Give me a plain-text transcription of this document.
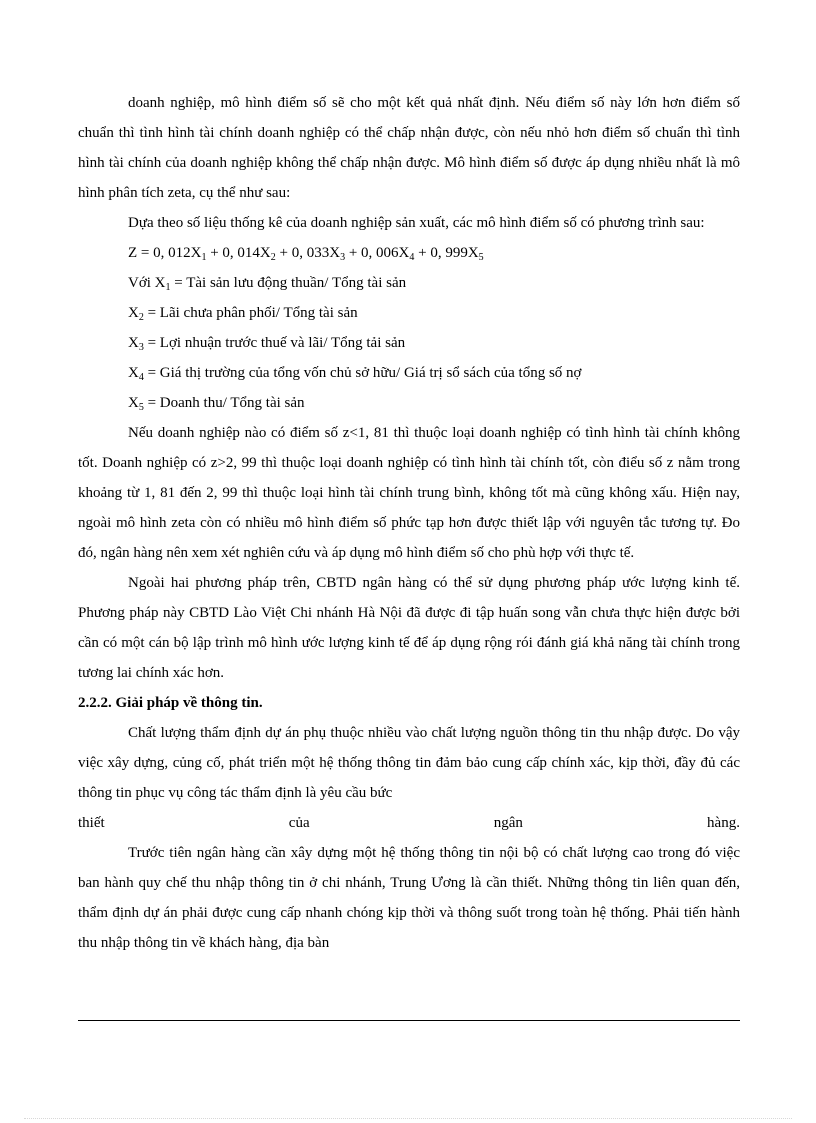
doanh nghiệp, mô hình điểm số sẽ cho một kết quả nhất định. Nếu điểm số này lớn hơn điểm số chuẩn thì tình hình tài chính doanh nghiệp có thể chấp nhận được, còn nếu nhỏ hơn điểm số chuẩn thì tình hình tài chính của doanh nghiệp không thể chấp nhận được. Mô hình điểm số được áp dụng nhiều nhất là mô hình phân tích zeta, cụ thể như sau:

Dựa theo số liệu thống kê của doanh nghiệp sản xuất, các mô hình điểm số có phương trình sau:

Z = 0, $012X_1 + 0$, $014X_2 + 0$, $033X_3 + 0$, $006X_4 + 0$, $999X_5$

Với $X_1$ = Tài sản lưu động thuần/ Tổng tài sản

$X_2$ = Lãi chưa phân phối/ Tổng tài sản

$X_3$ = Lợi nhuận trước thuế và lãi/ Tổng tải sản

$X_4$ = Giá thị trường của tổng vốn chủ sở hữu/ Giá trị sổ sách của tổng số nợ

$X_5$ = Doanh thu/ Tổng tài sản

Nếu doanh nghiệp nào có điểm số z<1, 81 thì thuộc loại doanh nghiệp có tình hình tài chính không tốt. Doanh nghiệp có z>2, 99 thì thuộc loại doanh nghiệp có tình hình tài chính tốt, còn điểu số z nằm trong khoảng từ 1, 81 đến 2, 99 thì thuộc loại hình tài chính trung bình, không tốt mà cũng không xấu. Hiện nay, ngoài mô hình zeta còn có nhiều mô hình điểm số phức tạp hơn được thiết lập với nguyên tắc tương tự. Đo đó, ngân hàng nên xem xét nghiên cứu và áp dụng mô hình điểm số cho phù hợp với thực tế.

Ngoài hai phương pháp trên, CBTD ngân hàng có thể sử dụng phương pháp ước lượng kinh tế. Phương pháp này CBTD Lào Việt Chi nhánh Hà Nội đã được đi tập huấn song vẫn chưa thực hiện được bởi cần có một cán bộ lập trình mô hình ước lượng kinh tế để áp dụng rộng rói đánh giá khả năng tài chính trong tương lai chính xác hơn.

2.2.2. Giải pháp về thông tin.

Chất lượng thẩm định dự án phụ thuộc nhiều vào chất lượng nguồn thông tin thu nhập được. Do vậy việc xây dựng, củng cố, phát triển một hệ thống thông tin đảm bảo cung cấp chính xác, kịp thời, đầy đủ các thông tin phục vụ công tác thẩm định là yêu cầu bức

thiết	của	ngân	hàng.

Trước tiên ngân hàng cần xây dựng một hệ thống thông tin nội bộ có chất lượng cao trong đó việc ban hành quy chế thu nhập thông tin ở chi nhánh, Trung Ương là cần thiết. Những thông tin liên quan đến, thẩm định dự án phải được cung cấp nhanh chóng kịp thời và thông suốt trong toàn hệ thống. Phải tiến hành thu nhập thông tin về khách hàng, địa bàn
